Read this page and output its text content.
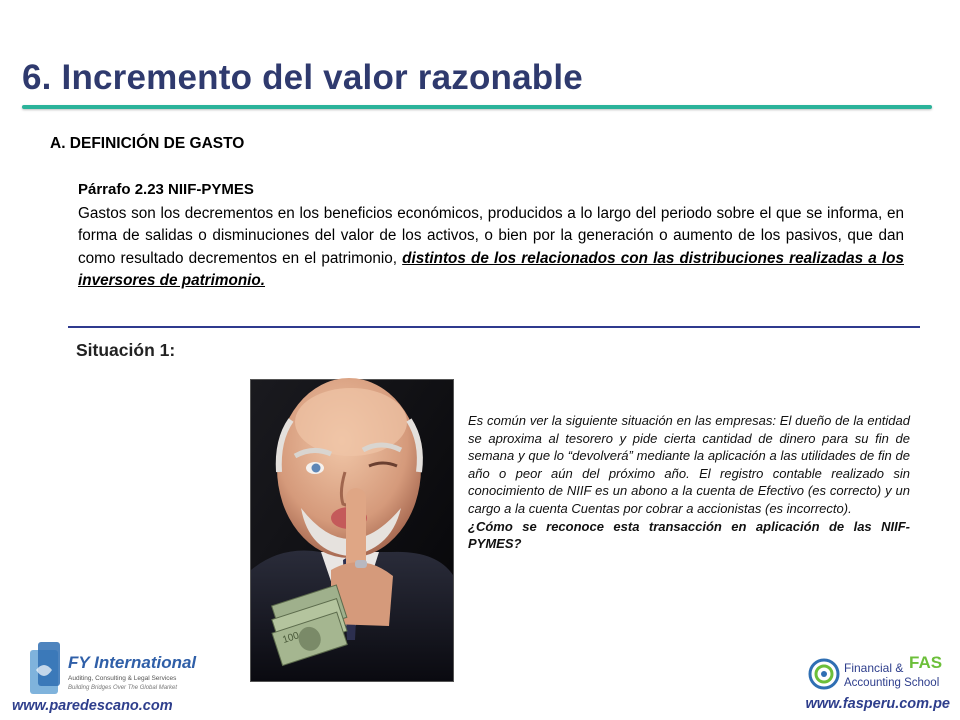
6. Incremento del valor razonable
A. DEFINICIÓN DE GASTO
Párrafo 2.23 NIIF-PYMES
Gastos son los decrementos en los beneficios económicos, producidos a lo largo del periodo sobre el que se informa, en forma de salidas o disminuciones del valor de los activos, o bien por la generación o aumento de los pasivos, que dan como resultado decrementos en el patrimonio, distintos de los relacionados con las distribuciones realizadas a los inversores de patrimonio.
Situación 1:
100
Es común ver la siguiente situación en las empresas: El dueño de la entidad se aproxima al tesorero y pide cierta cantidad de dinero para su fin de semana y que lo “devolverá” mediante la aplicación a las utilidades de fin de año o peor aún del próximo año. El registro contable realizado sin conocimiento de NIIF es un abono a la cuenta de Efectivo (es correcto) y un cargo a la cuenta Cuentas por cobrar a accionistas (es incorrecto).
¿Cómo se reconoce esta transacción en aplicación de las NIIF-PYMES?
FY International
Auditing, Consulting & Legal Services
Building Bridges Over The Global Market
Financial &
Accounting School
FAS
www.paredescano.com	www.fasperu.com.pe
